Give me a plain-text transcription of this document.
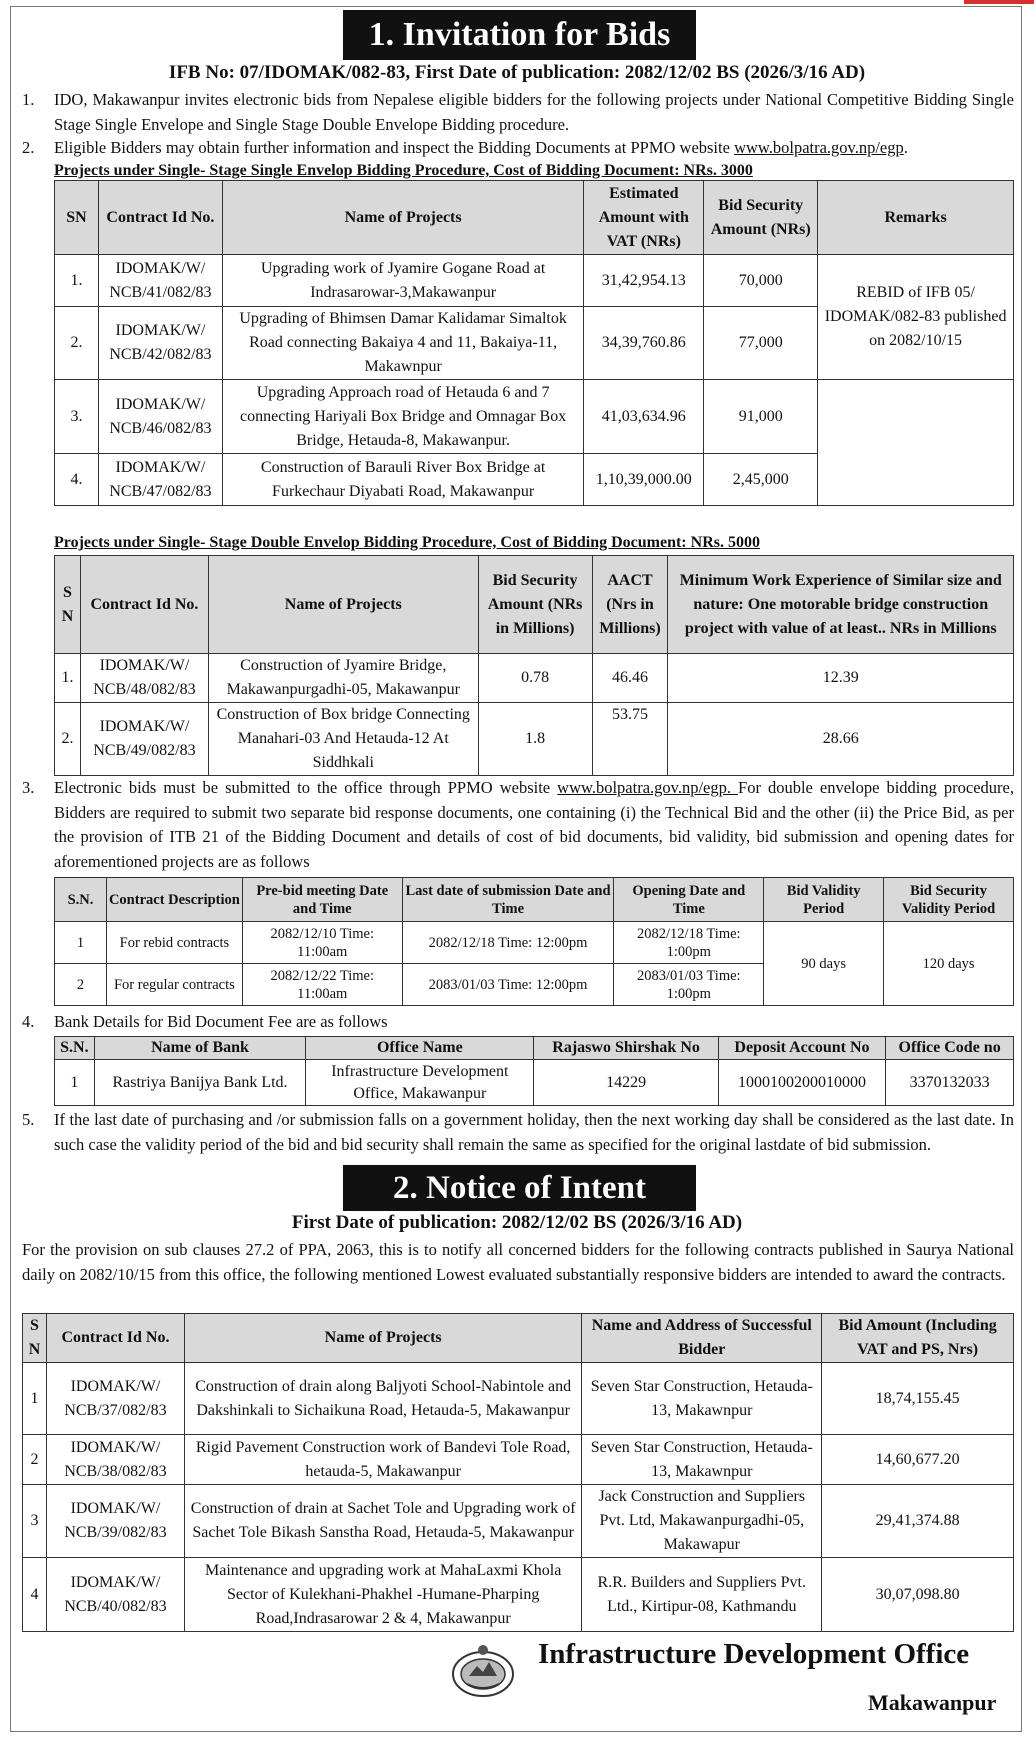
1. Invitation for Bids
IFB No: 07/IDOMAK/082-83, First Date of publication: 2082/12/02 BS (2026/3/16 AD)
1. IDO, Makawanpur invites electronic bids from Nepalese eligible bidders for the following projects under National Competitive Bidding Single Stage Single Envelope and Single Stage Double Envelope Bidding procedure.
2. Eligible Bidders may obtain further information and inspect the Bidding Documents at PPMO website www.bolpatra.gov.np/egp.
Projects under Single- Stage Single Envelop Bidding Procedure, Cost of Bidding Document: NRs. 3000
SN	Contract Id No.	Name of Projects	Estimated Amount with VAT (NRs)	Bid Security Amount (NRs)	Remarks
1.	IDOMAK/W/ NCB/41/082/83	Upgrading work of Jyamire Gogane Road at Indrasarowar-3,Makawanpur	31,42,954.13	70,000	REBID of IFB 05/ IDOMAK/082-83 published on 2082/10/15
2.	IDOMAK/W/ NCB/42/082/83	Upgrading of Bhimsen Damar Kalidamar Simaltok Road connecting Bakaiya 4 and 11, Bakaiya-11, Makawnpur	34,39,760.86	77,000	
3.	IDOMAK/W/ NCB/46/082/83	Upgrading Approach road of Hetauda 6 and 7 connecting Hariyali Box Bridge and Omnagar Box Bridge, Hetauda-8, Makawanpur.	41,03,634.96	91,000	
4.	IDOMAK/W/ NCB/47/082/83	Construction of Barauli River Box Bridge at Furkechaur Diyabati Road, Makawanpur	1,10,39,000.00	2,45,000	
Projects under Single- Stage Double Envelop Bidding Procedure, Cost of Bidding Document: NRs. 5000
S N	Contract Id No.	Name of Projects	Bid Security Amount (NRs in Millions)	AACT (Nrs in Millions)	Minimum Work Experience of Similar size and nature: One motorable bridge construction project with value of at least.. NRs in Millions
1.	IDOMAK/W/ NCB/48/082/83	Construction of Jyamire Bridge, Makawanpurgadhi-05, Makawanpur	0.78	46.46	12.39
2.	IDOMAK/W/ NCB/49/082/83	Construction of Box bridge Connecting Manahari-03 And Hetauda-12 At Siddhkali	1.8	53.75	28.66
3. Electronic bids must be submitted to the office through PPMO website www.bolpatra.gov.np/egp. For double envelope bidding procedure, Bidders are required to submit two separate bid response documents, one containing (i) the Technical Bid and the other (ii) the Price Bid, as per the provision of ITB 21 of the Bidding Document and details of cost of bid documents, bid validity, bid submission and opening dates for aforementioned projects are as follows
S.N.	Contract Description	Pre-bid meeting Date and Time	Last date of submission Date and Time	Opening Date and Time	Bid Validity Period	Bid Security Validity Period
1	For rebid contracts	2082/12/10 Time: 11:00am	2082/12/18 Time: 12:00pm	2082/12/18 Time: 1:00pm	90 days	120 days
2	For regular contracts	2082/12/22 Time: 11:00am	2083/01/03 Time: 12:00pm	2083/01/03 Time: 1:00pm		
4. Bank Details for Bid Document Fee are as follows
S.N.	Name of Bank	Office Name	Rajaswo Shirshak No	Deposit Account No	Office Code no
1	Rastriya Banijya Bank Ltd.	Infrastructure Development Office, Makawanpur	14229	1000100200010000	3370132033
5. If the last date of purchasing and /or submission falls on a government holiday, then the next working day shall be considered as the last date. In such case the validity period of the bid and bid security shall remain the same as specified for the original lastdate of bid submission.
2. Notice of Intent
First Date of publication: 2082/12/02 BS (2026/3/16 AD)
For the provision on sub clauses 27.2 of PPA, 2063, this is to notify all concerned bidders for the following contracts published in Saurya National daily on 2082/10/15 from this office, the following mentioned Lowest evaluated substantially responsive bidders are intended to award the contracts.
S N	Contract Id No.	Name of Projects	Name and Address of Successful Bidder	Bid Amount (Including VAT and PS, Nrs)
1	IDOMAK/W/ NCB/37/082/83	Construction of drain along Baljyoti School-Nabintole and Dakshinkali to Sichaikuna Road, Hetauda-5, Makawanpur	Seven Star Construction, Hetauda-13, Makawnpur	18,74,155.45
2	IDOMAK/W/ NCB/38/082/83	Rigid Pavement Construction work of Bandevi Tole Road, hetauda-5, Makawanpur	Seven Star Construction, Hetauda-13, Makawnpur	14,60,677.20
3	IDOMAK/W/ NCB/39/082/83	Construction of drain at Sachet Tole and Upgrading work of Sachet Tole Bikash Sanstha Road, Hetauda-5, Makawanpur	Jack Construction and Suppliers Pvt. Ltd, Makawanpurgadhi-05, Makawapur	29,41,374.88
4	IDOMAK/W/ NCB/40/082/83	Maintenance and upgrading work at MahaLaxmi Khola Sector of Kulekhani-Phakhel -Humane-Pharping Road,Indrasarowar 2 & 4, Makawanpur	R.R. Builders and Suppliers Pvt. Ltd., Kirtipur-08, Kathmandu	30,07,098.80
Infrastructure Development Office
Makawanpur
